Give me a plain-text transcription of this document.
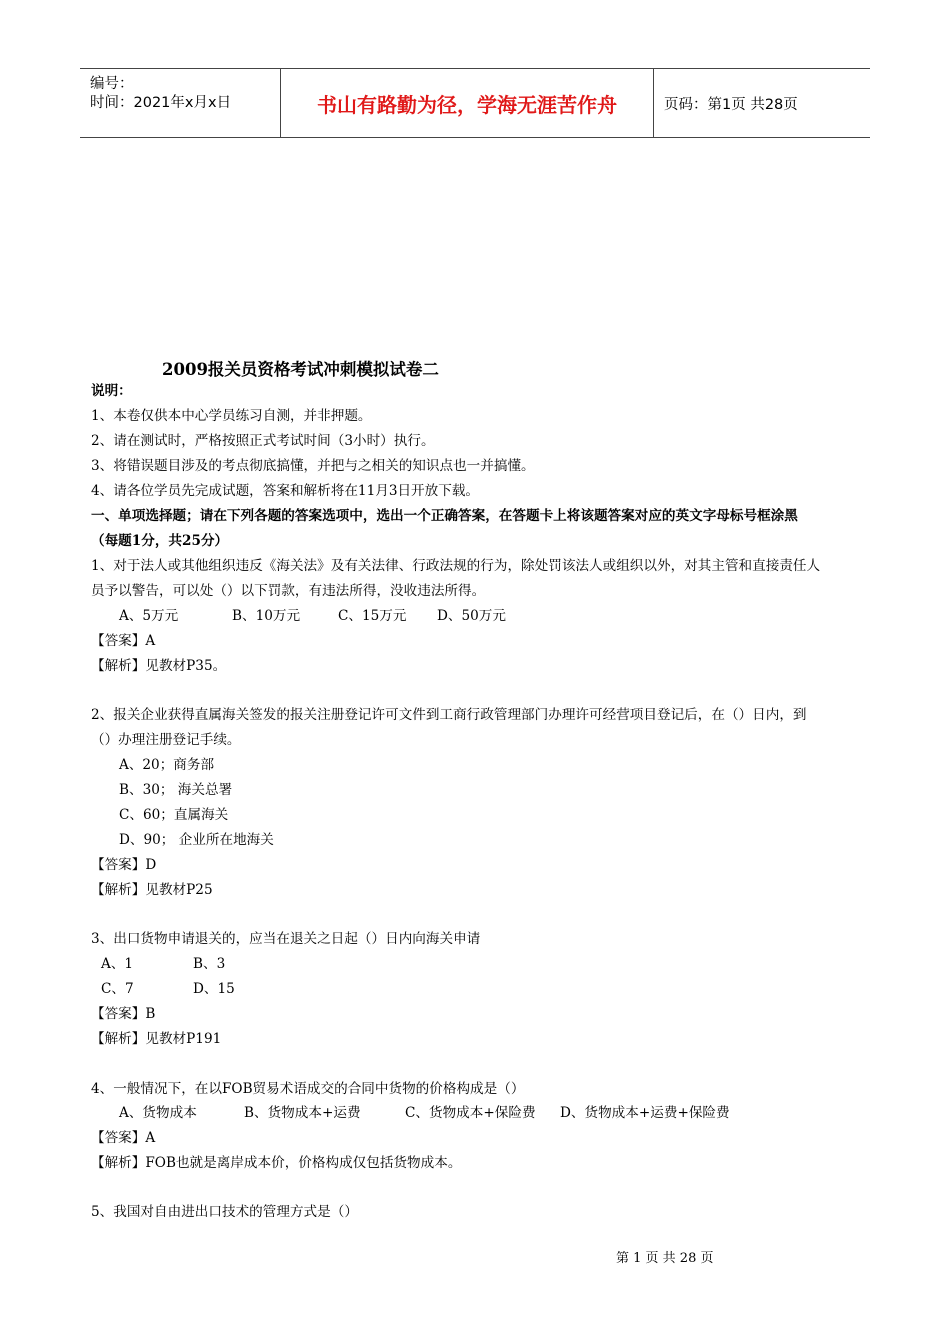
编号：
时间：2021年x月x日	书山有路勤为径，学海无涯苦作舟	页码：第1页 共28页
2009报关员资格考试冲刺模拟试卷二
说明：
1、本卷仅供本中心学员练习自测，并非押题。
2、请在测试时，严格按照正式考试时间（3小时）执行。
3、将错误题目涉及的考点彻底搞懂，并把与之相关的知识点也一并搞懂。
4、请各位学员先完成试题，答案和解析将在11月3日开放下载。
一、单项选择题；请在下列各题的答案选项中，选出一个正确答案，在答题卡上将该题答案对应的英文字母标号框涂黑
（每题1分，共25分）
1、对于法人或其他组织违反《海关法》及有关法律、行政法规的行为，除处罚该法人或组织以外，对其主管和直接责任人
员予以警告，可以处（）以下罚款，有违法所得，没收违法所得。
A、5万元	B、10万元	C、15万元 D、50万元
【答案】A
【解析】见教材P35。
2、报关企业获得直属海关签发的报关注册登记许可文件到工商行政管理部门办理许可经营项目登记后，在（）日内，到
（）办理注册登记手续。
A、20；商务部
B、30； 海关总署
C、60；直属海关
D、90； 企业所在地海关
【答案】D
【解析】见教材P25
3、出口货物申请退关的，应当在退关之日起（）日内向海关申请
A、1	B、3
C、7	D、15
【答案】B
【解析】见教材P191
4、一般情况下，在以FOB贸易术语成交的合同中货物的价格构成是（）
A、货物成本	B、货物成本+运费	C、货物成本+保险费 D、货物成本+运费+保险费
【答案】A
【解析】FOB也就是离岸成本价，价格构成仅包括货物成本。
5、我国对自由进出口技术的管理方式是（）
第 1 页 共 28 页
